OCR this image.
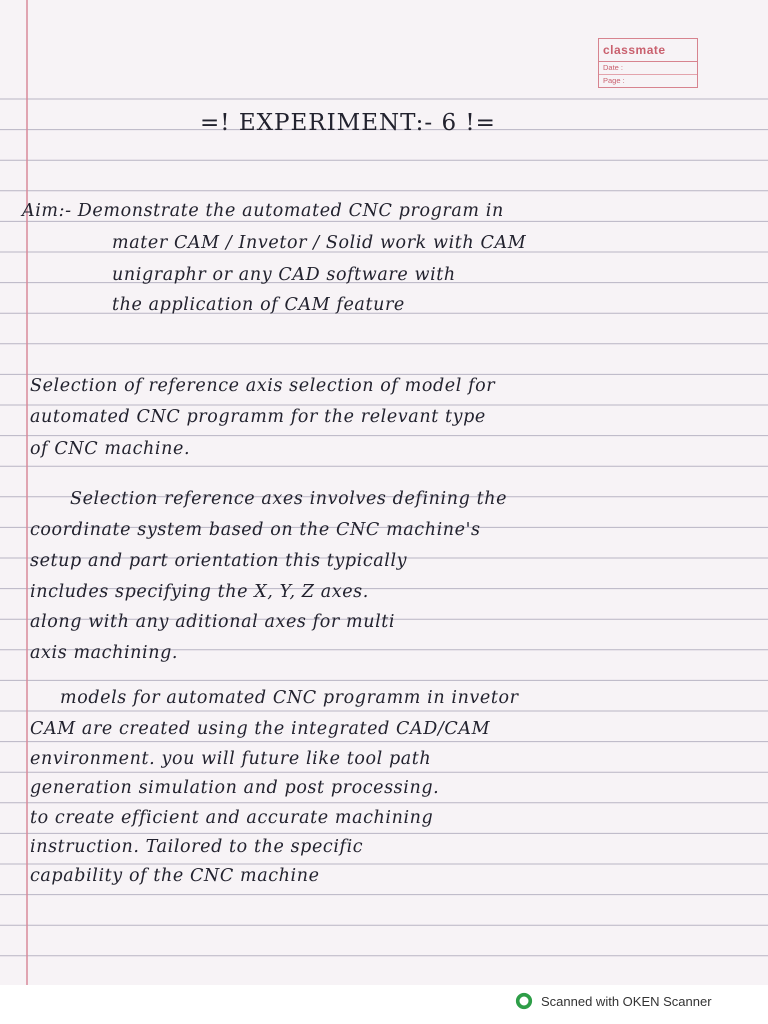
classmate
Date :
Page :
=! EXPERIMENT:- 6 !=
Aim:- Demonstrate the automated CNC program in
mater CAM / Invetor / Solid work with CAM
unigraphr or any CAD software with
the application of CAM feature
Selection of reference axis selection of model for
automated CNC programm for the relevant type
of CNC machine.
Selection reference axes involves defining the
coordinate system based on the CNC machine's
setup and part orientation this typically
includes specifying the X, Y, Z axes.
along with any aditional axes for multi
axis machining.
models for automated CNC programm in invetor
CAM are created using the integrated CAD/CAM
environment. you will future like tool path
generation simulation and post processing.
to create efficient and accurate machining
instruction. Tailored to the specific
capability of the CNC machine
Scanned with OKEN Scanner
